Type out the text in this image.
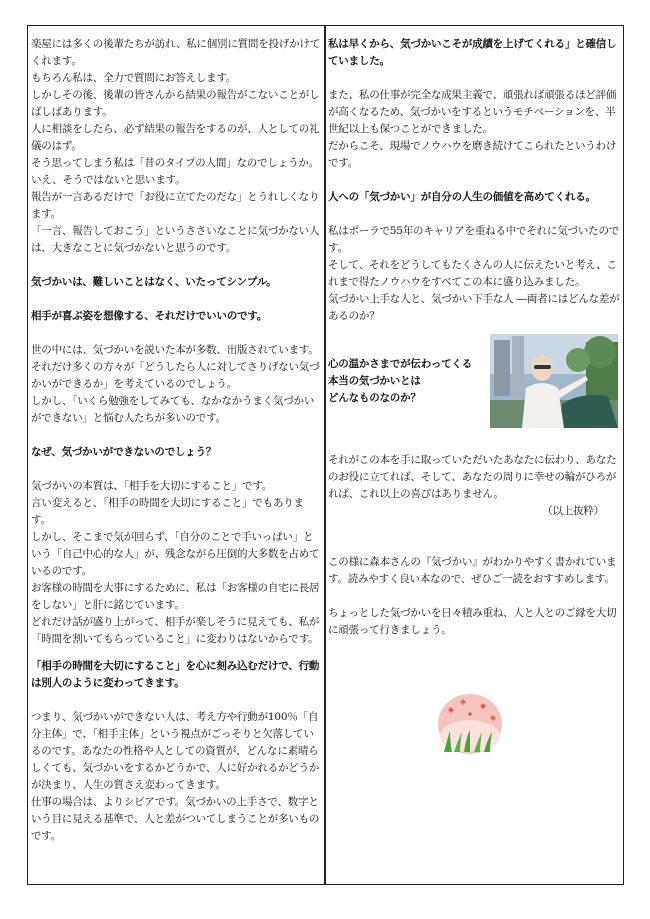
楽屋には多くの後輩たちが訪れ、私に個別に質問を投げかけてくれます。

もちろん私は、全力で質問にお答えします。

しかしその後、後輩の皆さんから結果の報告がこないことがしばしばあります。

人に相談をしたら、必ず結果の報告をするのが、人としての礼儀のはず。

そう思ってしまう私は「昔のタイプの人間」なのでしょうか。

いえ、そうではないと思います。

報告が一言あるだけで「お役に立てたのだな」とうれしくなります。

「一言、報告しておこう」というささいなことに気づかない人は、大きなことに気づかないと思うのです。

気づかいは、難しいことはなく、いたってシンプル。

相手が喜ぶ姿を想像する、それだけでいいのです。

世の中には、気づかいを説いた本が多数、出版されています。それだけ多くの方々が「どうしたら人に対してさりげない気づかいができるか」を考えているのでしょう。

しかし、「いくら勉強をしてみても、なかなかうまく気づかいができない」と悩む人たちが多いのです。

なぜ、気づかいができないのでしょう？

気づかいの本質は、「相手を大切にすること」です。

言い変えると、「相手の時間を大切にすること」でもあります。

しかし、そこまで気が回らず、「自分のことで手いっぱい」という「自己中心的な人」が、残念ながら圧倒的大多数を占めているのです。

お客様の時間を大事にするために、私は「お客様の自宅に長居をしない」と肝に銘じています。

どれだけ話が盛り上がって、相手が楽しそうに見えても、私が「時間を割いてもらっていること」に変わりはないからです。

「相手の時間を大切にすること」を心に刻み込むだけで、行動は別人のように変わってきます。

つまり、気づかいができない人は、考え方や行動が100％「自分主体」で、「相手主体」という視点がごっそりと欠落しているのです。あなたの性格や人としての資質が、どんなに素晴らしくても、気づかいをするかどうかで、人に好かれるかどうかが決まり、人生の質さえ変わってきます。

仕事の場合は、よりシビアです。気づかいの上手さで、数字という目に見える基準で、人と差がついてしまうことが多いものです。

私は早くから、気づかいこそが成績を上げてくれる」と確信していました。

また、私の仕事が完全な成果主義で、頑張れば頑張るほど評価が高くなるため、気づかいをするというモチベーションを、半世紀以上も保つことができました。

だからこそ、現場でノウハウを磨き続けてこられたというわけです。

人への「気づかい」が自分の人生の価値を高めてくれる。

私はポーラで55年のキャリアを重ねる中でそれに気づいたのです。

そして、それをどうしてもたくさんの人に伝えたいと考え、これまで得たノウハウをすべてこの本に盛り込みました。

気づかい上手な人と、気づかい下手な人 ―両者にはどんな差があるのか？

心の温かさまでが伝わってくる
本当の気づかいとは
どんなものなのか？

それがこの本を手に取っていただいたあなたに伝わり、あなたのお役に立てれば、そして、あなたの周りに幸せの輪がひろがれば、これ以上の喜びはありません。

（以上抜粋）

この様に森本さんの『気づかい』がわかりやすく書かれています。読みやすく良い本なので、ぜひご一読をおすすめします。

ちょっとした気づかいを日々積み重ね、人と人とのご縁を大切に頑張って行きましょう。
